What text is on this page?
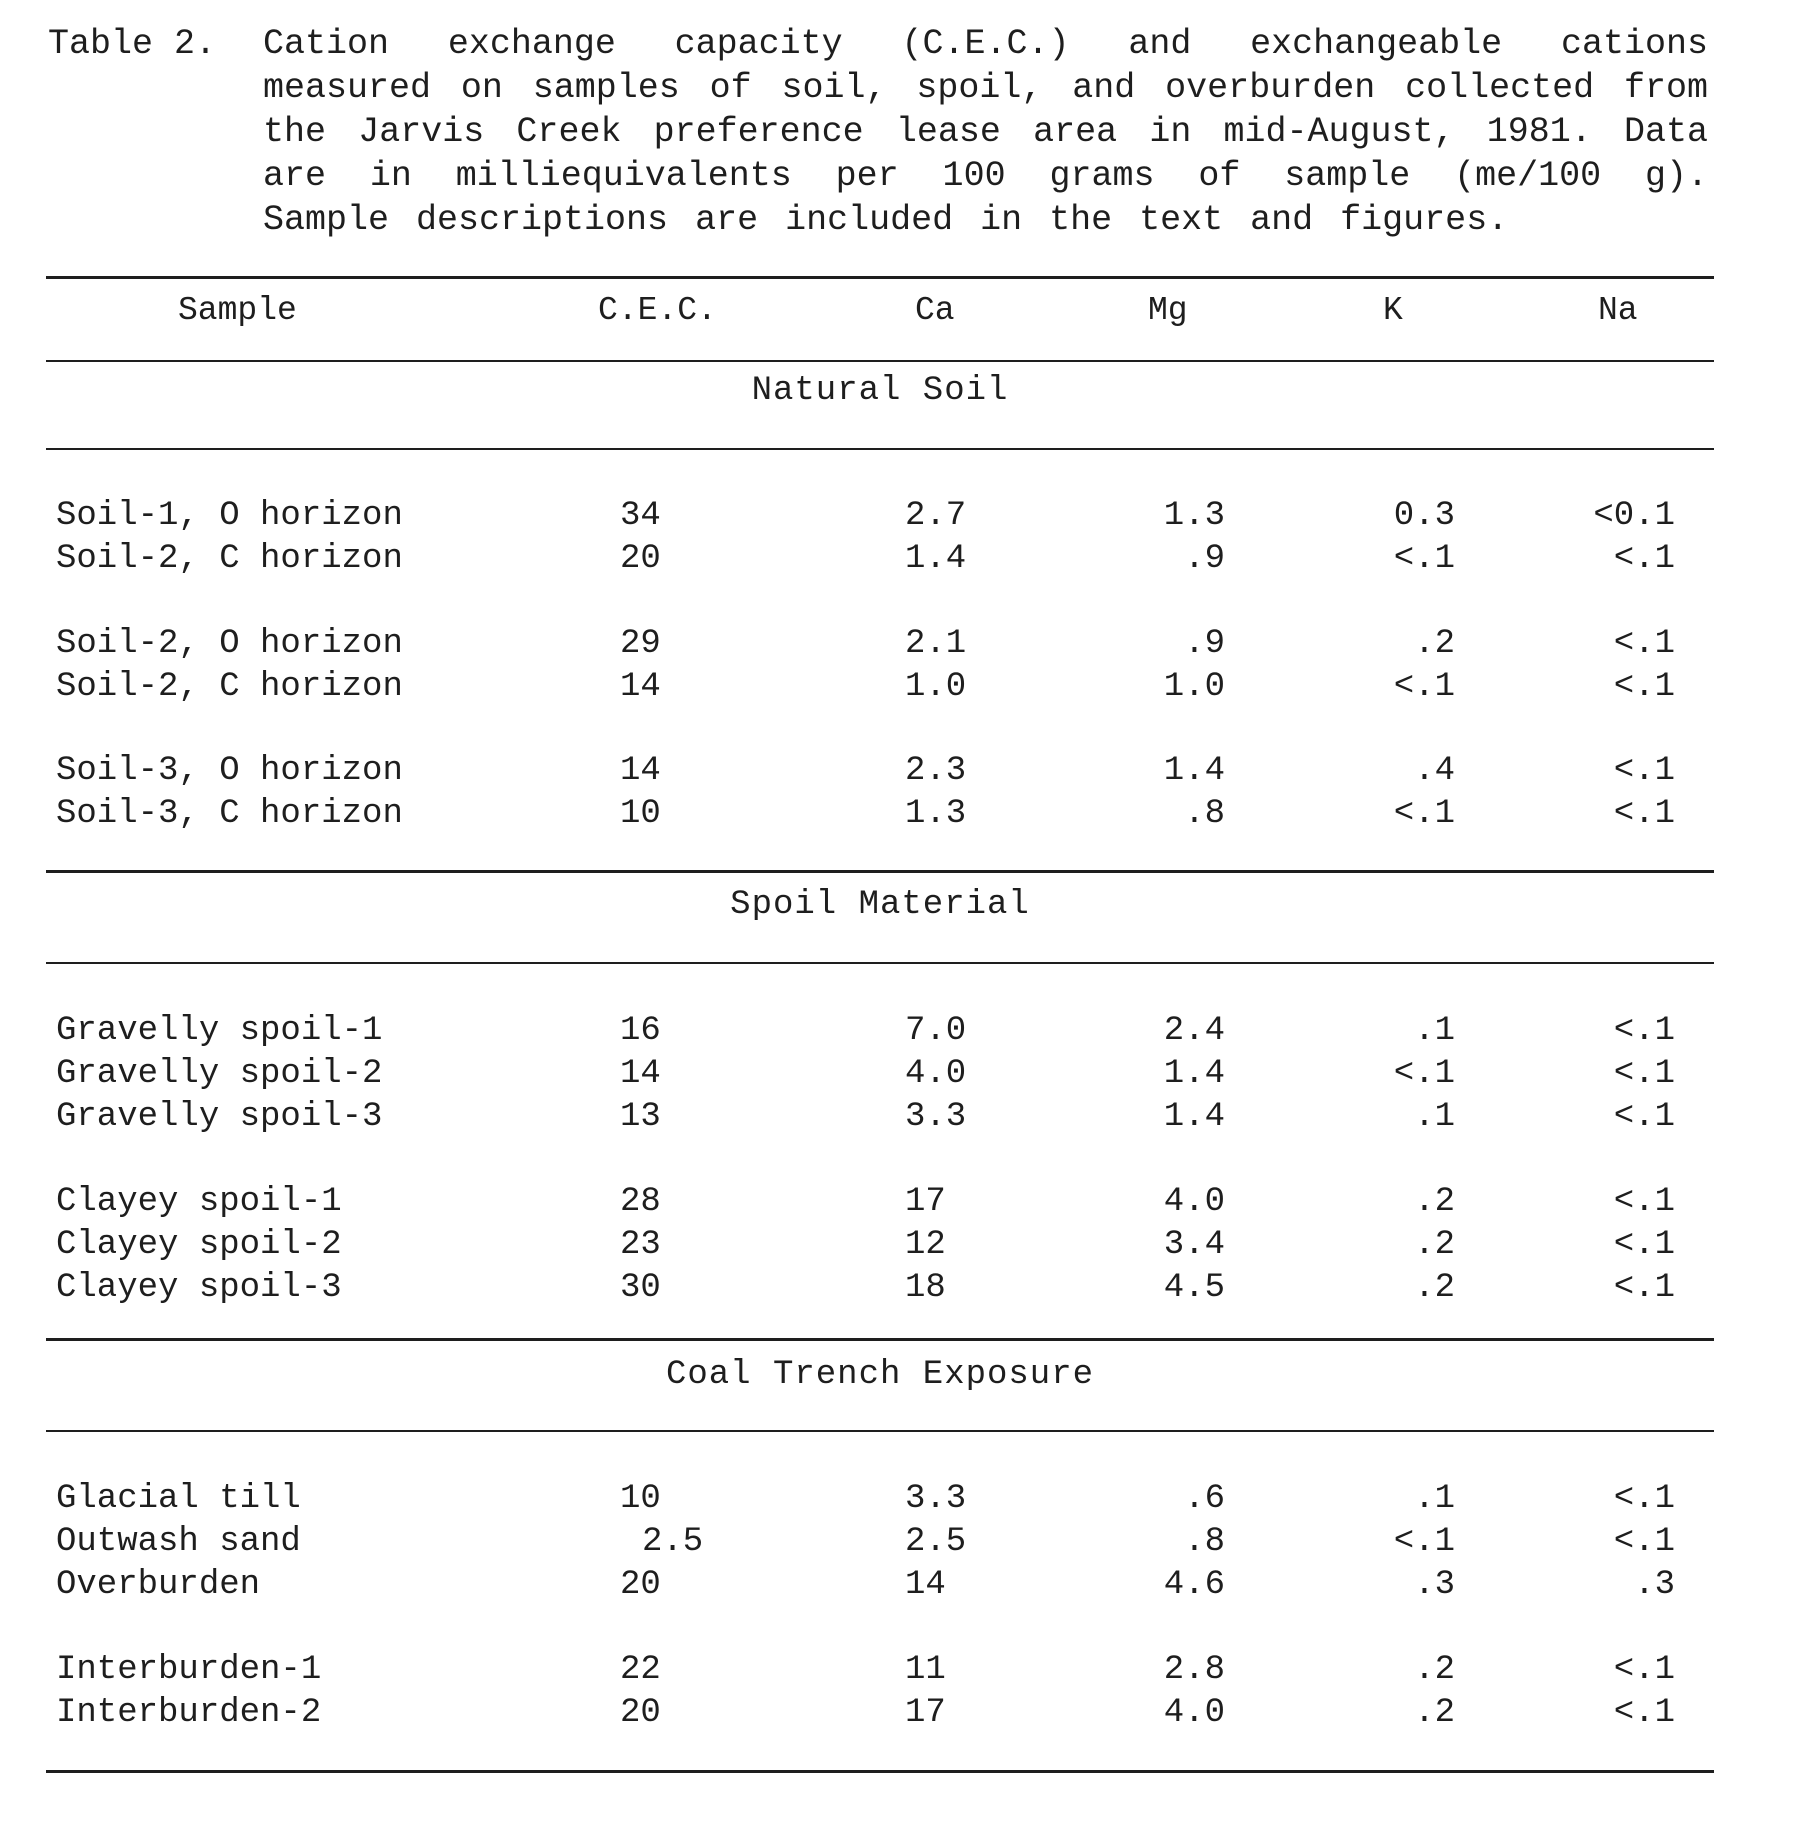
Table 2. Cation exchange capacity (C.E.C.) and exchangeable cations measured on samples of soil, spoil, and overburden collected from the Jarvis Creek preference lease area in mid-August, 1981. Data are in milliequivalents per 100 grams of sample (me/100 g). Sample descriptions are included in the text and figures.
Sample	C.E.C.	Ca	Mg	K	Na
Natural Soil
Soil-1, O horizon	34	2.7	1.3	0.3	<0.1
Soil-2, C horizon	20	1.4	.9	<.1	<.1
Soil-2, O horizon	29	2.1	.9	.2	<.1
Soil-2, C horizon	14	1.0	1.0	<.1	<.1
Soil-3, O horizon	14	2.3	1.4	.4	<.1
Soil-3, C horizon	10	1.3	.8	<.1	<.1
Spoil Material
Gravelly spoil-1	16	7.0	2.4	.1	<.1
Gravelly spoil-2	14	4.0	1.4	<.1	<.1
Gravelly spoil-3	13	3.3	1.4	.1	<.1
Clayey spoil-1	28	17	4.0	.2	<.1
Clayey spoil-2	23	12	3.4	.2	<.1
Clayey spoil-3	30	18	4.5	.2	<.1
Coal Trench Exposure
Glacial till	10	3.3	.6	.1	<.1
Outwash sand	2.5	2.5	.8	<.1	<.1
Overburden	20	14	4.6	.3	.3
Interburden-1	22	11	2.8	.2	<.1
Interburden-2	20	17	4.0	.2	<.1
